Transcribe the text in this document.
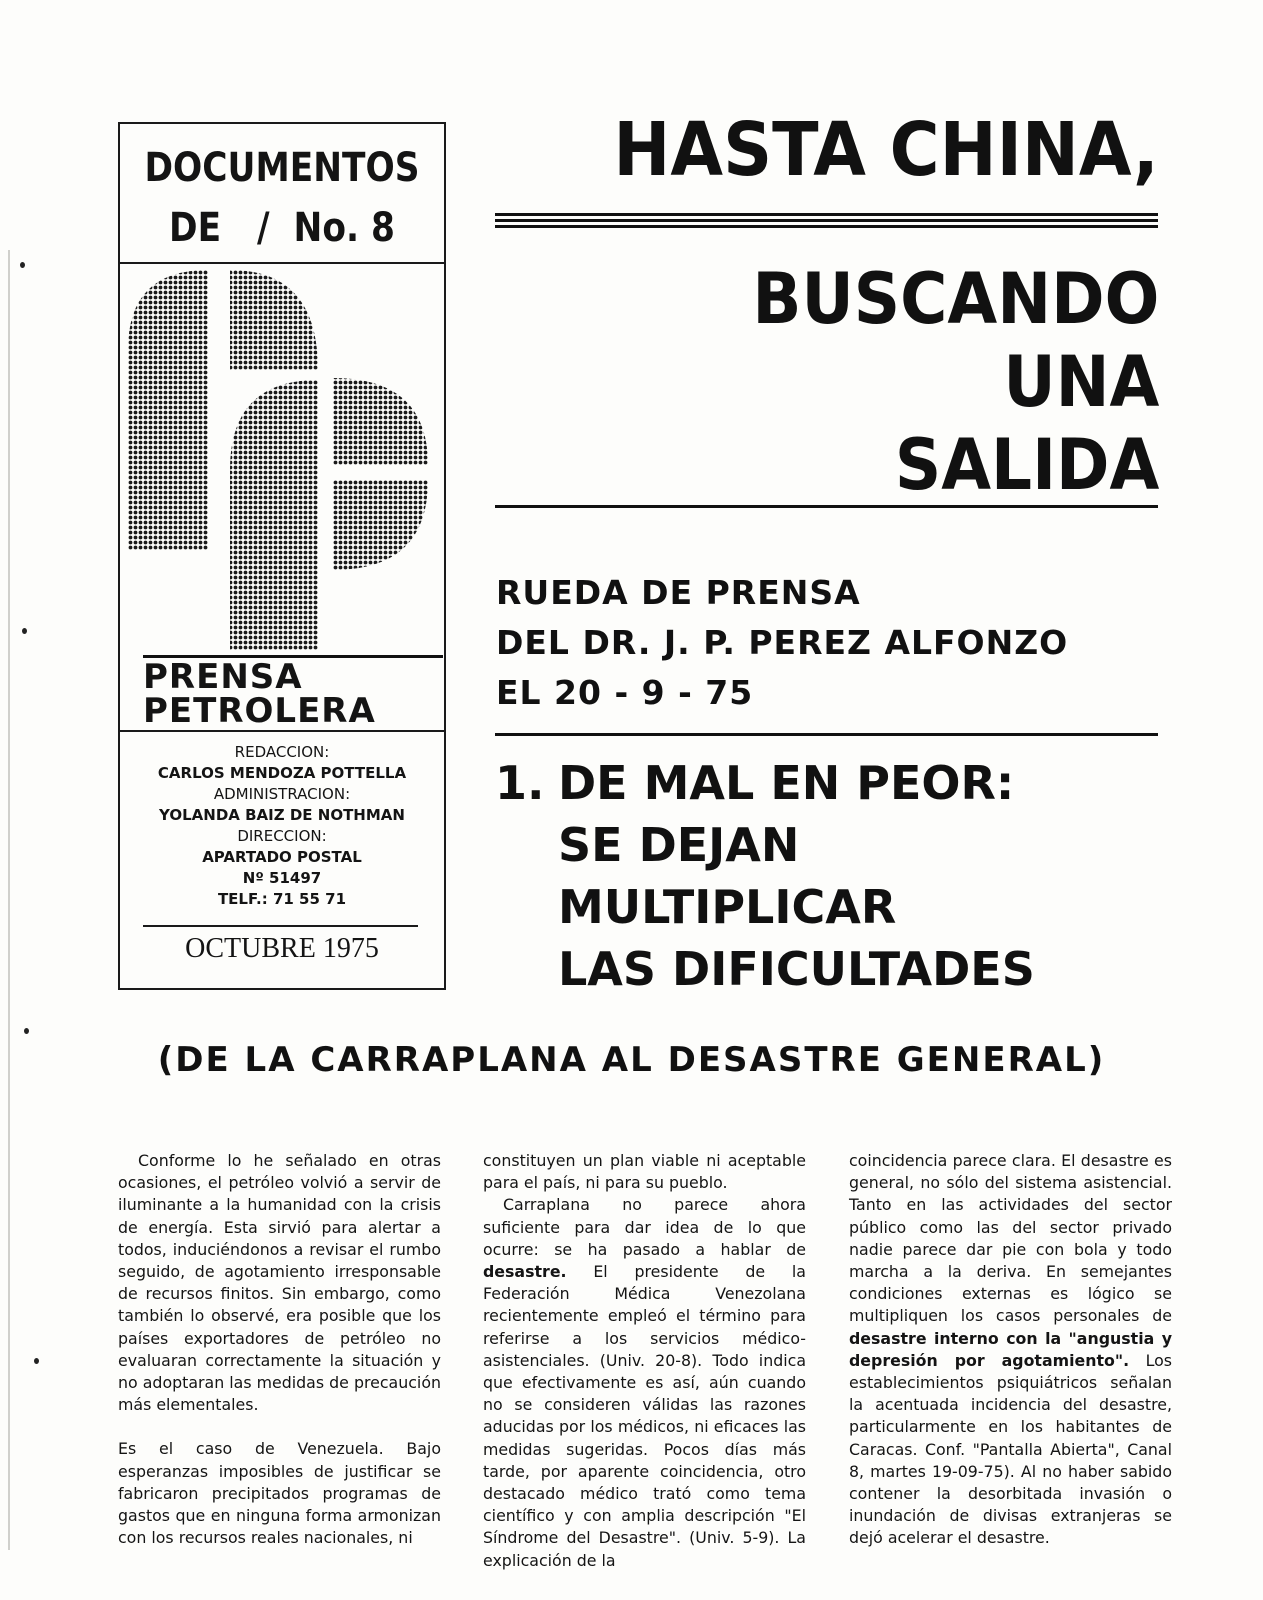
DOCUMENTOS
DE   /  No. 8
PRENSA
PETROLERA
REDACCION:
CARLOS MENDOZA POTTELLA
ADMINISTRACION:
YOLANDA BAIZ DE NOTHMAN
DIRECCION:
APARTADO POSTAL
Nº 51497
TELF.: 71 55 71
OCTUBRE 1975
HASTA CHINA,
BUSCANDO
UNA
SALIDA
RUEDA DE PRENSA
DEL DR. J. P. PEREZ ALFONZO
EL 20 - 9 - 75
1. DE MAL EN PEOR:
SE DEJAN
MULTIPLICAR
LAS DIFICULTADES
(DE LA CARRAPLANA AL DESASTRE GENERAL)

Conforme lo he señalado en otras ocasiones, el petróleo volvió a servir de iluminante a la humanidad con la crisis de energía. Esta sirvió para alertar a todos, induciéndonos a revisar el rumbo seguido, de agotamiento irresponsable de recursos finitos. Sin embargo, como también lo observé, era posible que los países exportadores de petróleo no evaluaran correctamente la situación y no adoptaran las medidas de precaución más elementales.

Es el caso de Venezuela. Bajo esperanzas imposibles de justificar se fabricaron precipitados programas de gastos que en ninguna forma armonizan con los recursos reales nacionales, ni

constituyen un plan viable ni aceptable para el país, ni para su pueblo.

Carraplana no parece ahora suficiente para dar idea de lo que ocurre: se ha pasado a hablar de desastre. El presidente de la Federación Médica Venezolana recientemente empleó el término para referirse a los servicios médico-asistenciales. (Univ. 20-8). Todo indica que efectivamente es así, aún cuando no se consideren válidas las razones aducidas por los médicos, ni eficaces las medidas sugeridas. Pocos días más tarde, por aparente coincidencia, otro destacado médico trató como tema científico y con amplia descripción "El Síndrome del Desastre". (Univ. 5-9). La explicación de la

coincidencia parece clara. El desastre es general, no sólo del sistema asistencial. Tanto en las actividades del sector público como las del sector privado nadie parece dar pie con bola y todo marcha a la deriva. En semejantes condiciones externas es lógico se multipliquen los casos personales de desastre interno con la "angustia y depresión por agotamiento". Los establecimientos psiquiátricos señalan la acentuada incidencia del desastre, particularmente en los habitantes de Caracas. Conf. "Pantalla Abierta", Canal 8, martes 19-09-75). Al no haber sabido contener la desorbitada invasión o inundación de divisas extranjeras se dejó acelerar el desastre.
